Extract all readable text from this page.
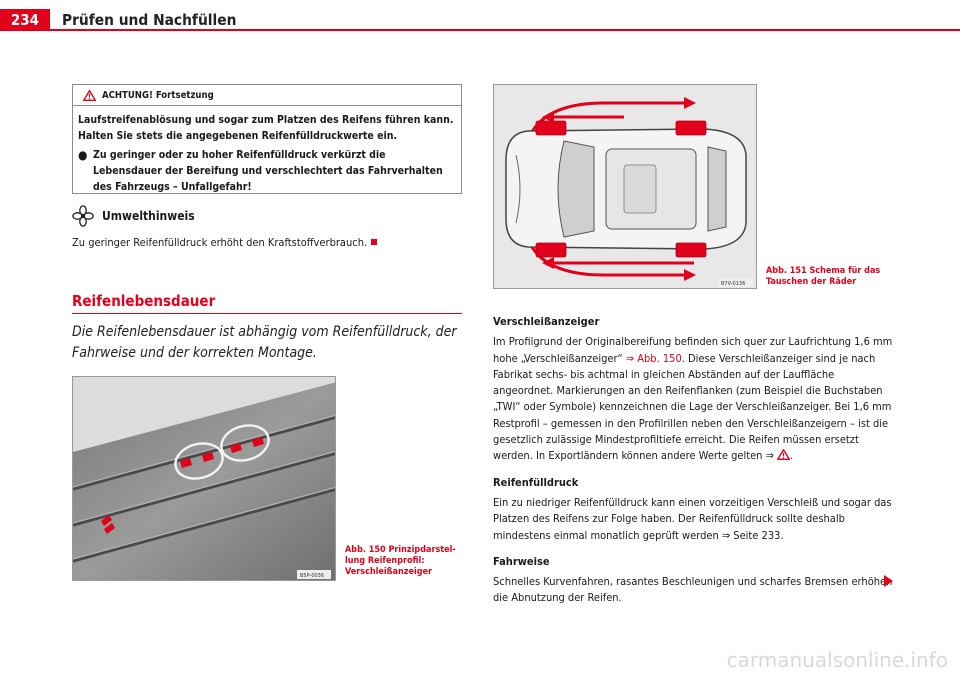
234	Prüfen und Nachfüllen
ACHTUNG! Fortsetzung

Laufstreifenablösung und sogar zum Platzen des Reifens führen kann. Halten Sie stets die angegebenen Reifenfülldruckwerte ein.

● Zu geringer oder zu hoher Reifenfülldruck verkürzt die Lebensdauer der Bereifung und verschlechtert das Fahrverhalten des Fahrzeugs – Unfallgefahr!
Umwelthinweis
Zu geringer Reifenfülldruck erhöht den Kraftstoffverbrauch.
Reifenlebensdauer
Die Reifenlebensdauer ist abhängig vom Reifenfülldruck, der Fahrweise und der korrekten Montage.
B5P-0036
Abb. 150 Prinzipdarstel-
lung Reifenprofil:
Verschleißanzeiger
B7V-0136
Abb. 151 Schema für das
Tauschen der Räder
Verschleißanzeiger

Im Profilgrund der Originalbereifung befinden sich quer zur Laufrichtung 1,6 mm hohe „Verschleißanzeiger“ ⇒ Abb. 150. Diese Verschleißanzeiger sind je nach Fabrikat sechs- bis achtmal in gleichen Abständen auf der Lauffläche angeordnet. Markierungen an den Reifenflanken (zum Beispiel die Buchstaben „TWI“ oder Symbole) kennzeichnen die Lage der Verschleißanzeiger. Bei 1,6 mm Restprofil – gemessen in den Profilrillen neben den Verschleißanzeigern – ist die gesetzlich zulässige Mindestprofiltiefe erreicht. Die Reifen müssen ersetzt werden. In Exportländern können andere Werte gelten ⇒ .

Reifenfülldruck

Ein zu niedriger Reifenfülldruck kann einen vorzeitigen Verschleiß und sogar das Platzen des Reifens zur Folge haben. Der Reifenfülldruck sollte deshalb mindestens einmal monatlich geprüft werden ⇒ Seite 233.

Fahrweise

Schnelles Kurvenfahren, rasantes Beschleunigen und scharfes Bremsen erhöhen die Abnutzung der Reifen.

carmanualsonline.info
